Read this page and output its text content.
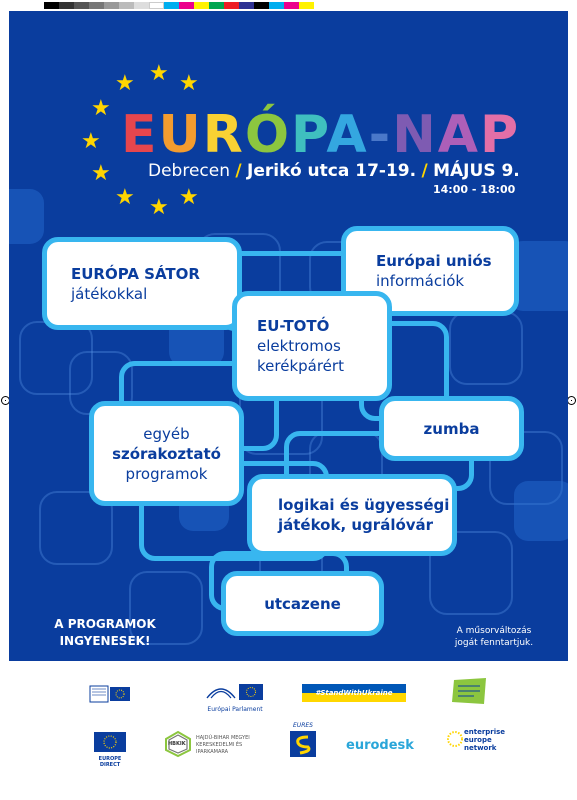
★ ★
★
★
★
★
★ ★ ★
EURÓPA-NAP
Debrecen / Jerikó utca 17-19. / MÁJUS 9.
14:00 - 18:00
EURÓPA SÁTOR
játékokkal
Európai uniós
információk
EU-TOTÓ
elektromos
kerékpárért
zumba
egyéb
szórakoztató
programok
logikai és ügyességi
játékok, ugrálóvár
utcazene
A PROGRAMOK
INGYENESEK!
A műsorváltozás
jogát fenntartjuk.
Európai Parlament
#StandWithUkraine
EUROPE DIRECT
HBKIK
HAJDÚ-BIHAR MEGYEI
KERESKEDELMI ÉS
IPARKAMARA
EURES
eurodesk
enterprise
europe
network
